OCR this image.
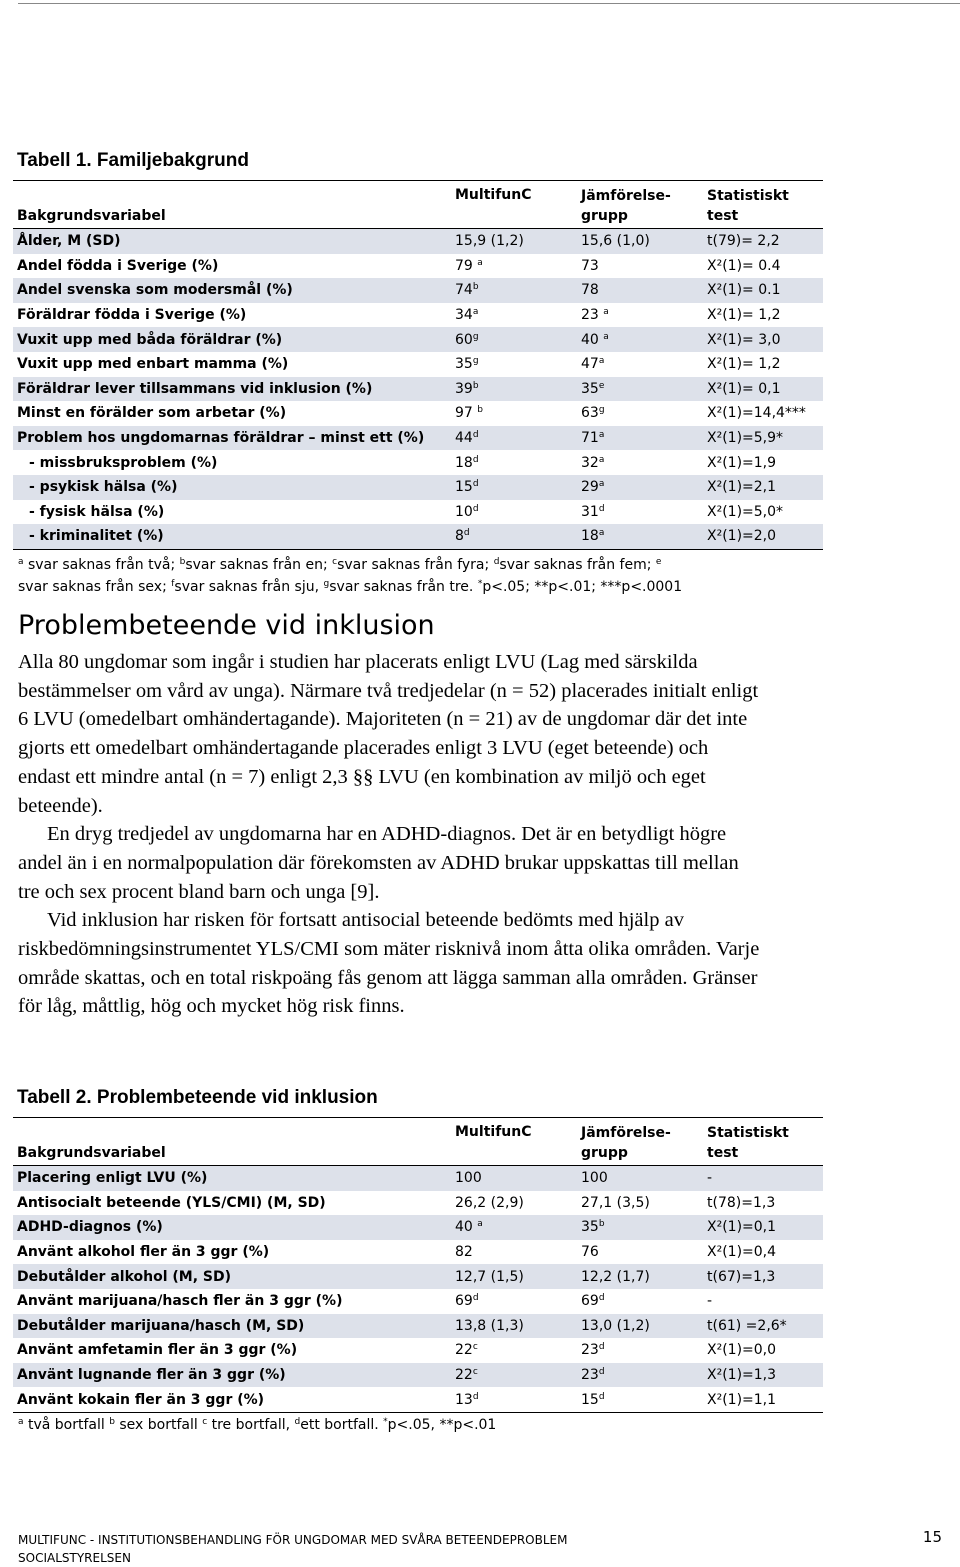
Tabell 1. Familjebakgrund
Bakgrundsvariabel	MultifunC	Jämförelse- grupp	Statistiskt test
Ålder, M (SD)	15,9 (1,2)	15,6 (1,0)	t(79)= 2,2
Andel födda i Sverige (%)	79 $^a$	73	X²(1)= 0.4
Andel svenska som modersmål (%)	74$^b$	78	X²(1)= 0.1
Föräldrar födda i Sverige (%)	34$^a$	23 $^a$	X²(1)= 1,2
Vuxit upp med båda föräldrar (%)	60$^g$	40 $^a$	X²(1)= 3,0
Vuxit upp med enbart mamma (%)	35$^g$	47$^a$	X²(1)= 1,2
Föräldrar lever tillsammans vid inklusion (%)	39$^b$	35e	X²(1)= 0,1
Minst en förälder som arbetar (%)	97 $^b$	63$^g$	X²(1)=14,4***
Problem hos ungdomarnas föräldrar – minst ett (%)	44$^d$	71$^a$	X²(1)=5,9*
- missbruksproblem (%)	18$^d$	32$^a$	X²(1)=1,9
- psykisk hälsa (%)	15$^d$	29$^a$	X²(1)=2,1
- fysisk hälsa (%)	10$^d$	31$^d$	X²(1)=5,0*
- kriminalitet (%)	8$^d$	18$^a$	X²(1)=2,0
$^a$ svar saknas från två; $^b$svar saknas från en; $^c$svar saknas från fyra; $^d$svar saknas från fem; $^e$
svar saknas från sex; $^f$svar saknas från sju, $^g$svar saknas från tre. *p<.05; **p<.01; ***p<.0001
Problembeteende vid inklusion

Alla 80 ungdomar som ingår i studien har placerats enligt LVU (Lag med särskilda bestämmelser om vård av unga). Närmare två tredjedelar (n = 52) placerades initialt enligt 6 LVU (omedelbart omhändertagande). Majoriteten (n = 21) av de ungdomar där det inte gjorts ett omedelbart omhändertagande placerades enligt 3 LVU (eget beteende) och endast ett mindre antal (n = 7) enligt 2,3 §§ LVU (en kombination av miljö och eget beteende).

En dryg tredjedel av ungdomarna har en ADHD-diagnos. Det är en betydligt högre andel än i en normalpopulation där förekomsten av ADHD brukar uppskattas till mellan tre och sex procent bland barn och unga [9].

Vid inklusion har risken för fortsatt antisocial beteende bedömts med hjälp av riskbedömningsinstrumentet YLS/CMI som mäter risknivå inom åtta olika områden. Varje område skattas, och en total riskpoäng fås genom att lägga samman alla områden. Gränser för låg, måttlig, hög och mycket hög risk finns.

Tabell 2. Problembeteende vid inklusion
Bakgrundsvariabel	MultifunC	Jämförelse- grupp	Statistiskt test
Placering enligt LVU (%)	100	100	-
Antisocialt beteende (YLS/CMI) (M, SD)	26,2 (2,9)	27,1 (3,5)	t(78)=1,3
ADHD-diagnos (%)	40 $^a$	35$^b$	X²(1)=0,1
Använt alkohol fler än 3 ggr (%)	82	76	X²(1)=0,4
Debutålder alkohol (M, SD)	12,7 (1,5)	12,2 (1,7)	t(67)=1,3
Använt marijuana/hasch fler än 3 ggr (%)	69$^d$	69$^d$	-
Debutålder marijuana/hasch (M, SD)	13,8 (1,3)	13,0 (1,2)	t(61) =2,6*
Använt amfetamin fler än 3 ggr (%)	22$^c$	23$^d$	X²(1)=0,0
Använt lugnande fler än 3 ggr (%)	22$^c$	23$^d$	X²(1)=1,3
Använt kokain fler än 3 ggr (%)	13$^d$	15$^d$	X²(1)=1,1
$^a$ två bortfall $^b$ sex bortfall $^c$ tre bortfall, $^d$ett bortfall. *p<.05, **p<.01
MULTIFUNC - INSTITUTIONSBEHANDLING FÖR UNGDOMAR MED SVÅRA BETEENDEPROBLEM
SOCIALSTYRELSEN
15
